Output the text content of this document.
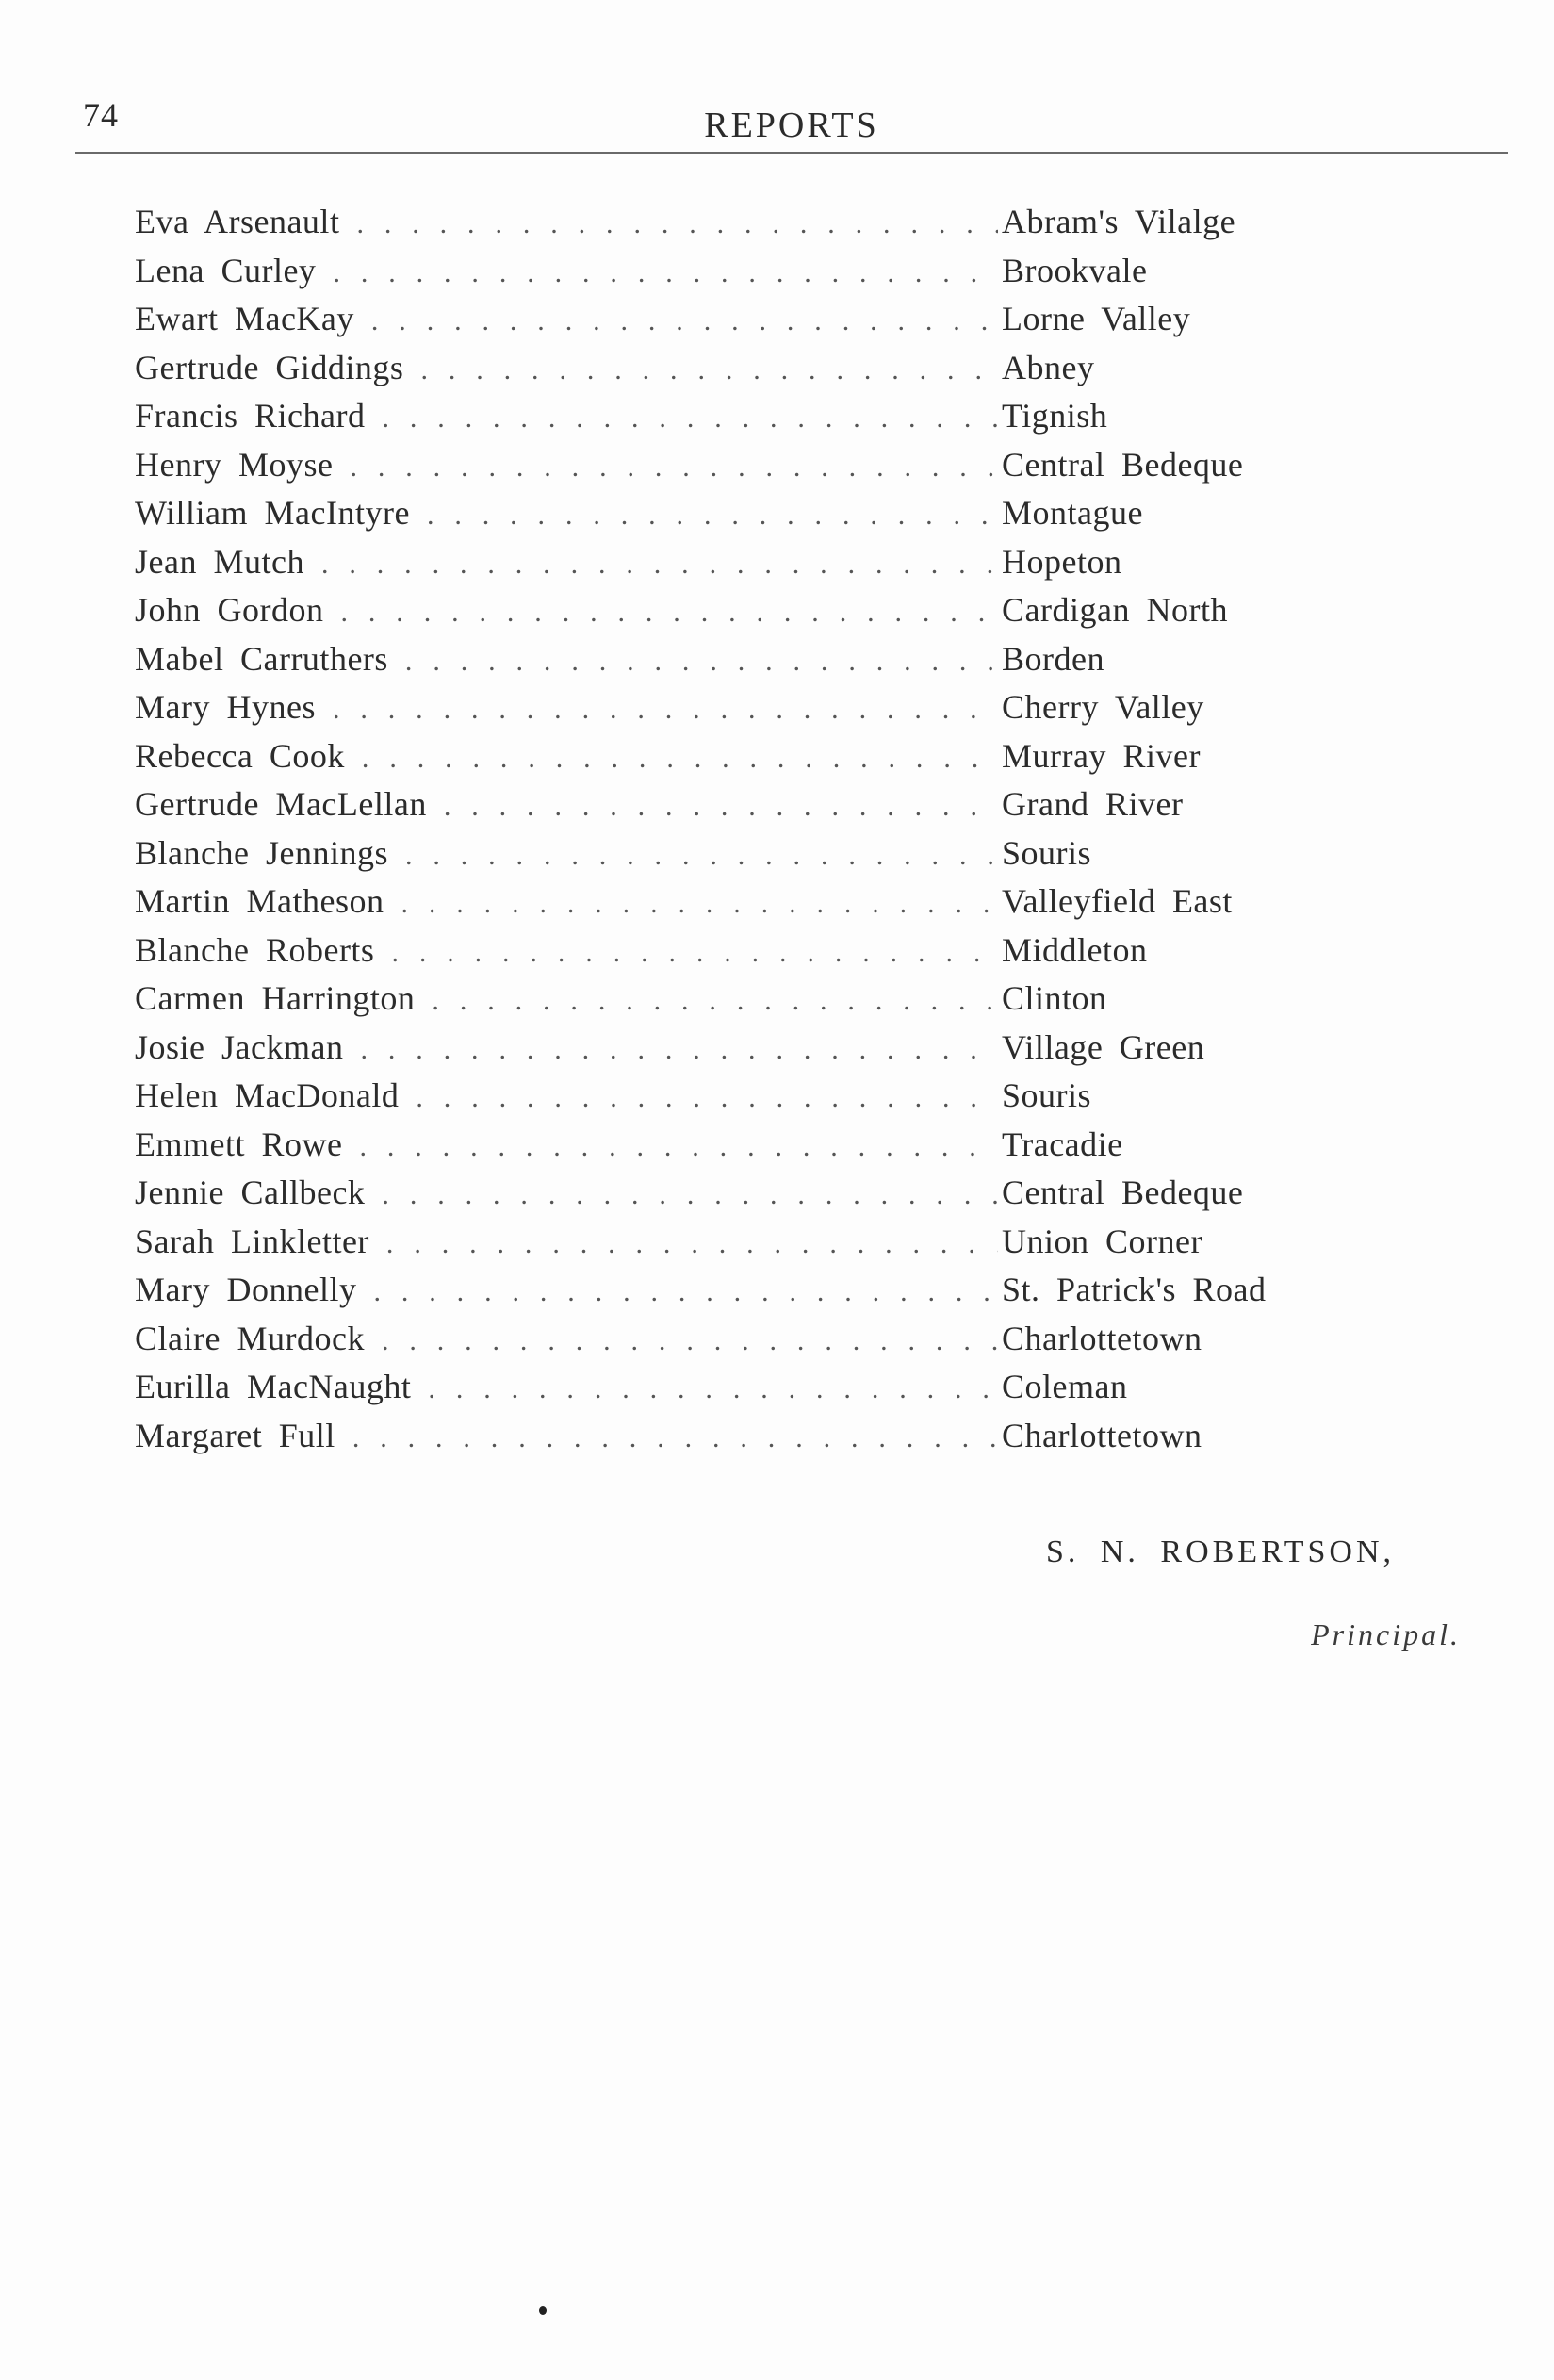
74	REPORTS
Eva Arsenault . . .	Abram's Vilalge
Lena Curley . . .	Brookvale
Ewart MacKay . . .	Lorne Valley
Gertrude Giddings . . .	Abney
Francis Richard . . .	Tignish
Henry Moyse . . .	Central Bedeque
William MacIntyre . . .	Montague
Jean Mutch . . .	Hopeton
John Gordon . . .	Cardigan North
Mabel Carruthers . . .	Borden
Mary Hynes . . .	Cherry Valley
Rebecca Cook . . .	Murray River
Gertrude MacLellan . . .	Grand River
Blanche Jennings . . .	Souris
Martin Matheson . . .	Valleyfield East
Blanche Roberts . . .	Middleton
Carmen Harrington . . .	Clinton
Josie Jackman . . .	Village Green
Helen MacDonald . . .	Souris
Emmett Rowe . . .	Tracadie
Jennie Callbeck . . .	Central Bedeque
Sarah Linkletter . . .	Union Corner
Mary Donnelly . . .	St. Patrick's Road
Claire Murdock . . .	Charlottetown
Eurilla MacNaught . . .	Coleman
Margaret Full . . .	Charlottetown
S. N. ROBERTSON,
Principal.
